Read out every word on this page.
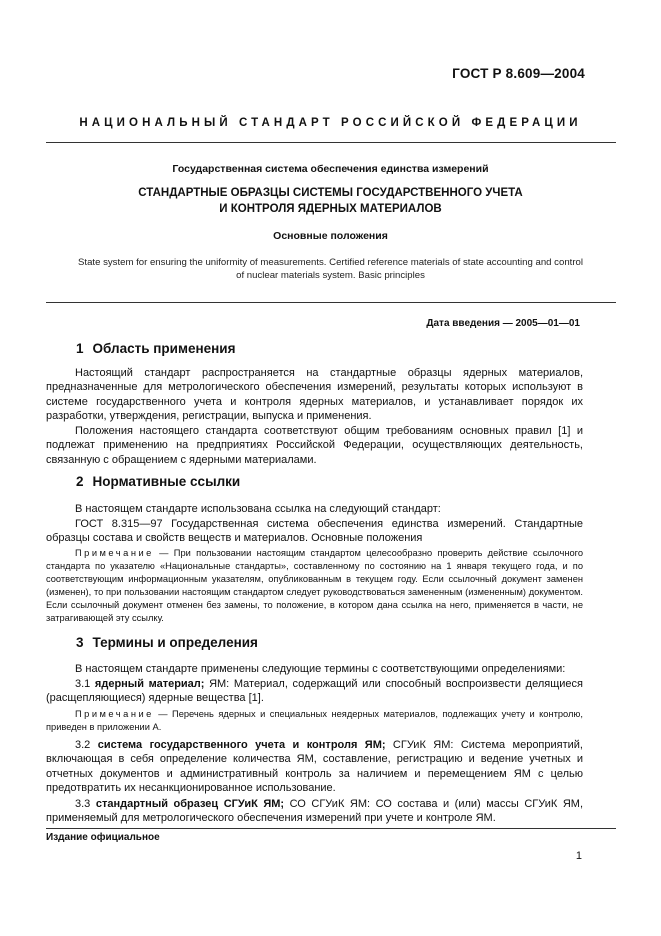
ГОСТ Р 8.609—2004
НАЦИОНАЛЬНЫЙ СТАНДАРТ РОССИЙСКОЙ ФЕДЕРАЦИИ
Государственная система обеспечения единства измерений
СТАНДАРТНЫЕ ОБРАЗЦЫ СИСТЕМЫ ГОСУДАРСТВЕННОГО УЧЕТА
И КОНТРОЛЯ ЯДЕРНЫХ МАТЕРИАЛОВ
Основные положения
State system for ensuring the uniformity of measurements. Certified reference materials of state accounting and control
of nuclear materials system. Basic principles
Дата введения — 2005—01—01
1 Область применения

Настоящий стандарт распространяется на стандартные образцы ядерных материалов, предназначенные для метрологического обеспечения измерений, результаты которых используют в системе государственного учета и контроля ядерных материалов, и устанавливает порядок их разработки, утверждения, регистрации, выпуска и применения.

Положения настоящего стандарта соответствуют общим требованиям основных правил [1] и подлежат применению на предприятиях Российской Федерации, осуществляющих деятельность, связанную с обращением с ядерными материалами.

2 Нормативные ссылки

В настоящем стандарте использована ссылка на следующий стандарт:

ГОСТ 8.315—97 Государственная система обеспечения единства измерений. Стандартные образцы состава и свойств веществ и материалов. Основные положения

Примечание — При пользовании настоящим стандартом целесообразно проверить действие ссылочного стандарта по указателю «Национальные стандарты», составленному по состоянию на 1 января текущего года, и по соответствующим информационным указателям, опубликованным в текущем году. Если ссылочный документ заменен (изменен), то при пользовании настоящим стандартом следует руководствоваться замененным (измененным) документом. Если ссылочный документ отменен без замены, то положение, в котором дана ссылка на него, применяется в части, не затрагивающей эту ссылку.

3 Термины и определения

В настоящем стандарте применены следующие термины с соответствующими определениями:

3.1 ядерный материал; ЯМ: Материал, содержащий или способный воспроизвести делящиеся (расщепляющиеся) ядерные вещества [1].

Примечание — Перечень ядерных и специальных неядерных материалов, подлежащих учету и контролю, приведен в приложении А.

3.2 система государственного учета и контроля ЯМ; СГУиК ЯМ: Система мероприятий, включающая в себя определение количества ЯМ, составление, регистрацию и ведение учетных и отчетных документов и административный контроль за наличием и перемещением ЯМ с целью предотвратить их несанкционированное использование.

3.3 стандартный образец СГУиК ЯМ; СО СГУиК ЯМ: СО состава и (или) массы СГУиК ЯМ, применяемый для метрологического обеспечения измерений при учете и контроле ЯМ.

Издание официальное
1
